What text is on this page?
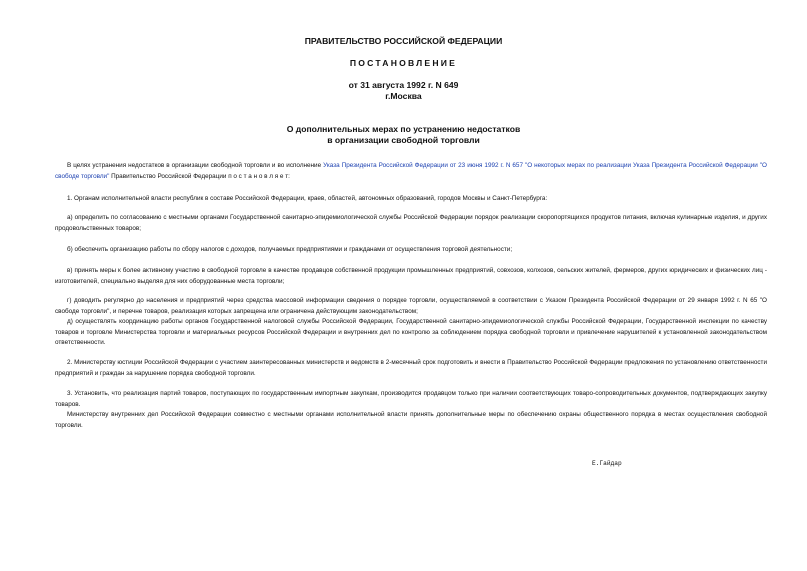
ПРАВИТЕЛЬСТВО РОССИЙСКОЙ ФЕДЕРАЦИИ
ПОСТАНОВЛЕНИЕ
от 31 августа 1992 г. N 649
г.Москва
О дополнительных мерах по устранению недостатков
в организации свободной торговли
В целях устранения недостатков в организации свободной торговли и во исполнение Указа Президента Российской Федерации от 23 июня 1992 г. N 657 "О некоторых мерах по реализации Указа Президента Российской Федерации "О свободе торговли" Правительство Российской Федерации п о с т а н о в л я е т:
1. Органам исполнительной власти республик в составе Российской Федерации, краев, областей, автономных образований, городов Москвы и Санкт-Петербурга:
а) определить по согласованию с местными органами Государственной санитарно-эпидемиологической службы Российской Федерации порядок реализации скоропортящихся продуктов питания, включая кулинарные изделия, и других продовольственных товаров;
б) обеспечить организацию работы по сбору налогов с доходов, получаемых предприятиями и гражданами от осуществления торговой деятельности;
в) принять меры к более активному участию в свободной торговле в качестве продавцов собственной продукции промышленных предприятий, совхозов, колхозов, сельских жителей, фермеров, других юридических и физических лиц - изготовителей, специально выделяя для них оборудованные места торговли;
г) доводить регулярно до населения и предприятий через средства массовой информации сведения о порядке торговли, осуществляемой в соответствии с Указом Президента Российской Федерации от 29 января 1992 г. N 65 "О свободе торговли", и перечне товаров, реализация которых запрещена или ограничена действующим законодательством;
д) осуществлять координацию работы органов Государственной налоговой службы Российской Федерации, Государственной санитарно-эпидемиологической службы Российской Федерации, Государственной инспекции по качеству товаров и торговле Министерства торговли и материальных ресурсов Российской Федерации и внутренних дел по контролю за соблюдением порядка свободной торговли и привлечение нарушителей к установленной законодательством ответственности.
2. Министерству юстиции Российской Федерации с участием заинтересованных министерств и ведомств в 2-месячный срок подготовить и внести в Правительство Российской Федерации предложения по установлению ответственности предприятий и граждан за нарушение порядка свободной торговли.
3. Установить, что реализация партий товаров, поступающих по государственным импортным закупкам, производится продавцом только при наличии соответствующих товаро-сопроводительных документов, подтверждающих закупку товаров.
Министерству внутренних дел Российской Федерации совместно с местными органами исполнительной власти принять дополнительные меры по обеспечению охраны общественного порядка в местах осуществления свободной торговли.
Е.Гайдар
